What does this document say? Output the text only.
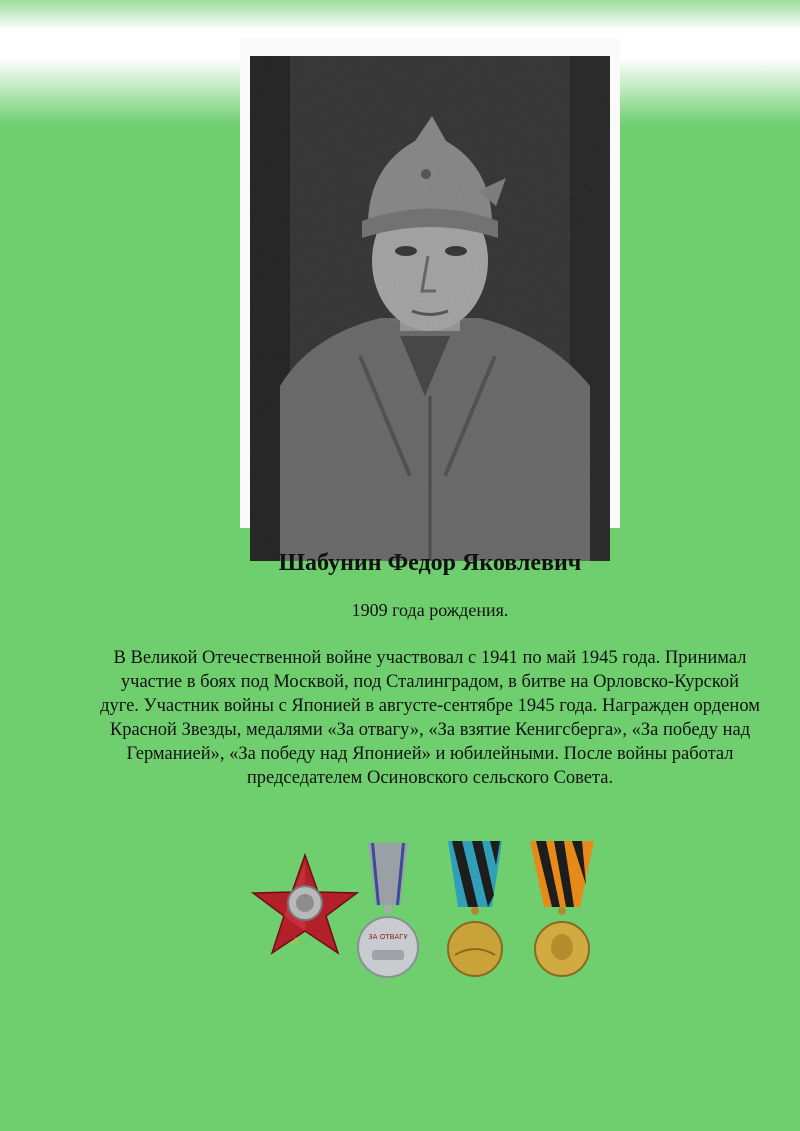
Шабунин Федор Яковлевич
1909 года рождения.

В Великой Отечественной войне участвовал с 1941 по май 1945 года. Принимал участие в боях под Москвой, под Сталинградом, в битве на Орловско-Курской дуге. Участник войны с Японией в августе-сентябре 1945 года. Награжден орденом Красной Звезды, медалями «За отвагу», «За взятие Кенигсберга», «За победу над Германией», «За победу над Японией» и юбилейными. После войны работал председателем Осиновского сельского Совета.

☭	ЗА ОТВАГУ
